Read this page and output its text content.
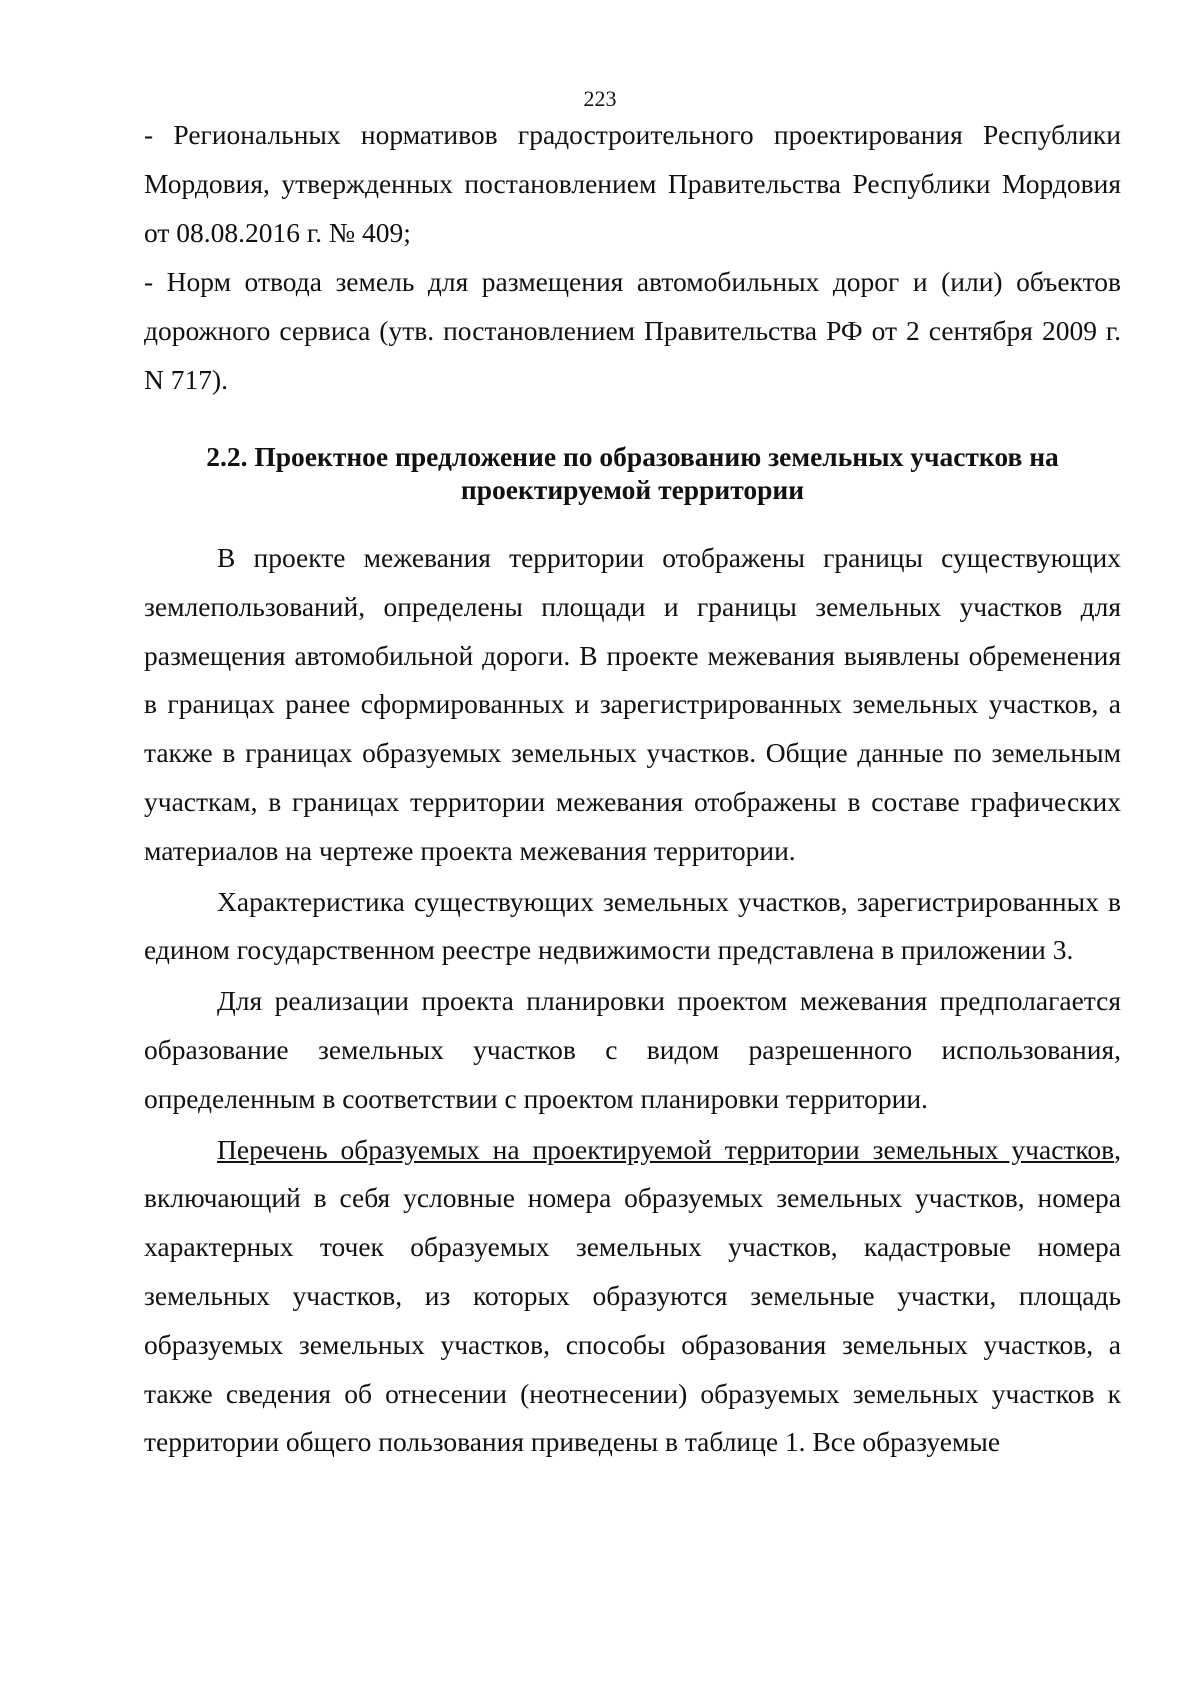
223

- Региональных нормативов градостроительного проектирования Республики Мордовия, утвержденных постановлением Правительства Республики Мордовия от 08.08.2016 г. № 409;

- Норм отвода земель для размещения автомобильных дорог и (или) объектов дорожного сервиса (утв. постановлением Правительства РФ от 2 сентября 2009 г. N 717).

2.2. Проектное предложение по образованию земельных участков на
проектируемой территории

В проекте межевания территории отображены границы существующих землепользований, определены площади и границы земельных участков для размещения автомобильной дороги. В проекте межевания выявлены обременения в границах ранее сформированных и зарегистрированных земельных участков, а также в границах образуемых земельных участков. Общие данные по земельным участкам, в границах территории межевания отображены в составе графических материалов на чертеже проекта межевания территории.

Характеристика существующих земельных участков, зарегистрированных в едином государственном реестре недвижимости представлена в приложении 3.

Для реализации проекта планировки проектом межевания предполагается образование земельных участков с видом разрешенного использования, определенным в соответствии с проектом планировки территории.

Перечень образуемых на проектируемой территории земельных участков, включающий в себя условные номера образуемых земельных участков, номера характерных точек образуемых земельных участков, кадастровые номера земельных участков, из которых образуются земельные участки, площадь образуемых земельных участков, способы образования земельных участков, а также сведения об отнесении (неотнесении) образуемых земельных участков к территории общего пользования приведены в таблице 1. Все образуемые
